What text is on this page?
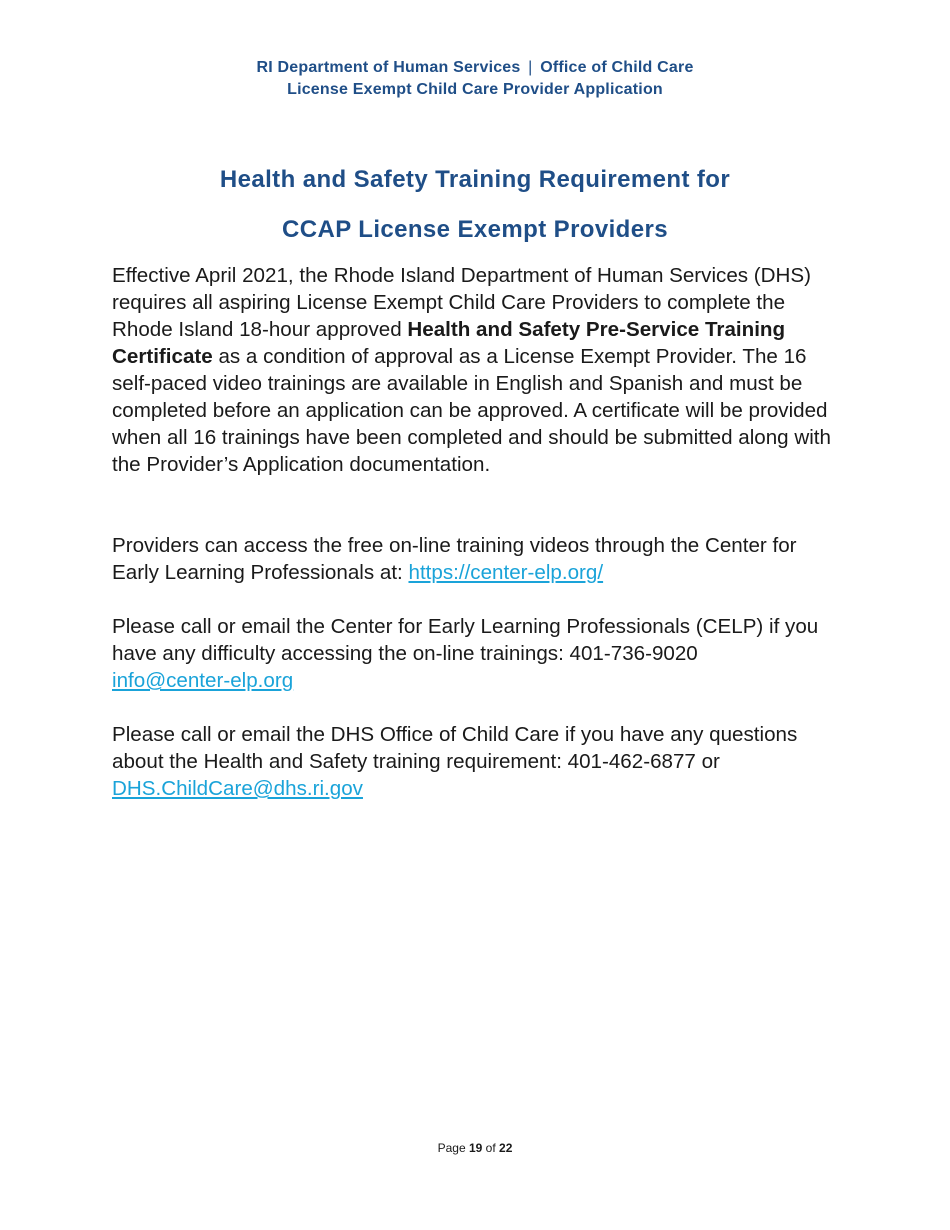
RI Department of Human Services | Office of Child Care
License Exempt Child Care Provider Application
Health and Safety Training Requirement for
CCAP License Exempt Providers

Effective April 2021, the Rhode Island Department of Human Services (DHS) requires all aspiring License Exempt Child Care Providers to complete the Rhode Island 18-hour approved Health and Safety Pre-Service Training Certificate as a condition of approval as a License Exempt Provider. The 16 self-paced video trainings are available in English and Spanish and must be completed before an application can be approved. A certificate will be provided when all 16 trainings have been completed and should be submitted along with the Provider’s Application documentation.

Providers can access the free on-line training videos through the Center for Early Learning Professionals at: https://center-elp.org/

Please call or email the Center for Early Learning Professionals (CELP) if you have any difficulty accessing the on-line trainings: 401-736-9020
info@center-elp.org

Please call or email the DHS Office of Child Care if you have any questions about the Health and Safety training requirement: 401-462-6877 or
DHS.ChildCare@dhs.ri.gov

Page 19 of 22
